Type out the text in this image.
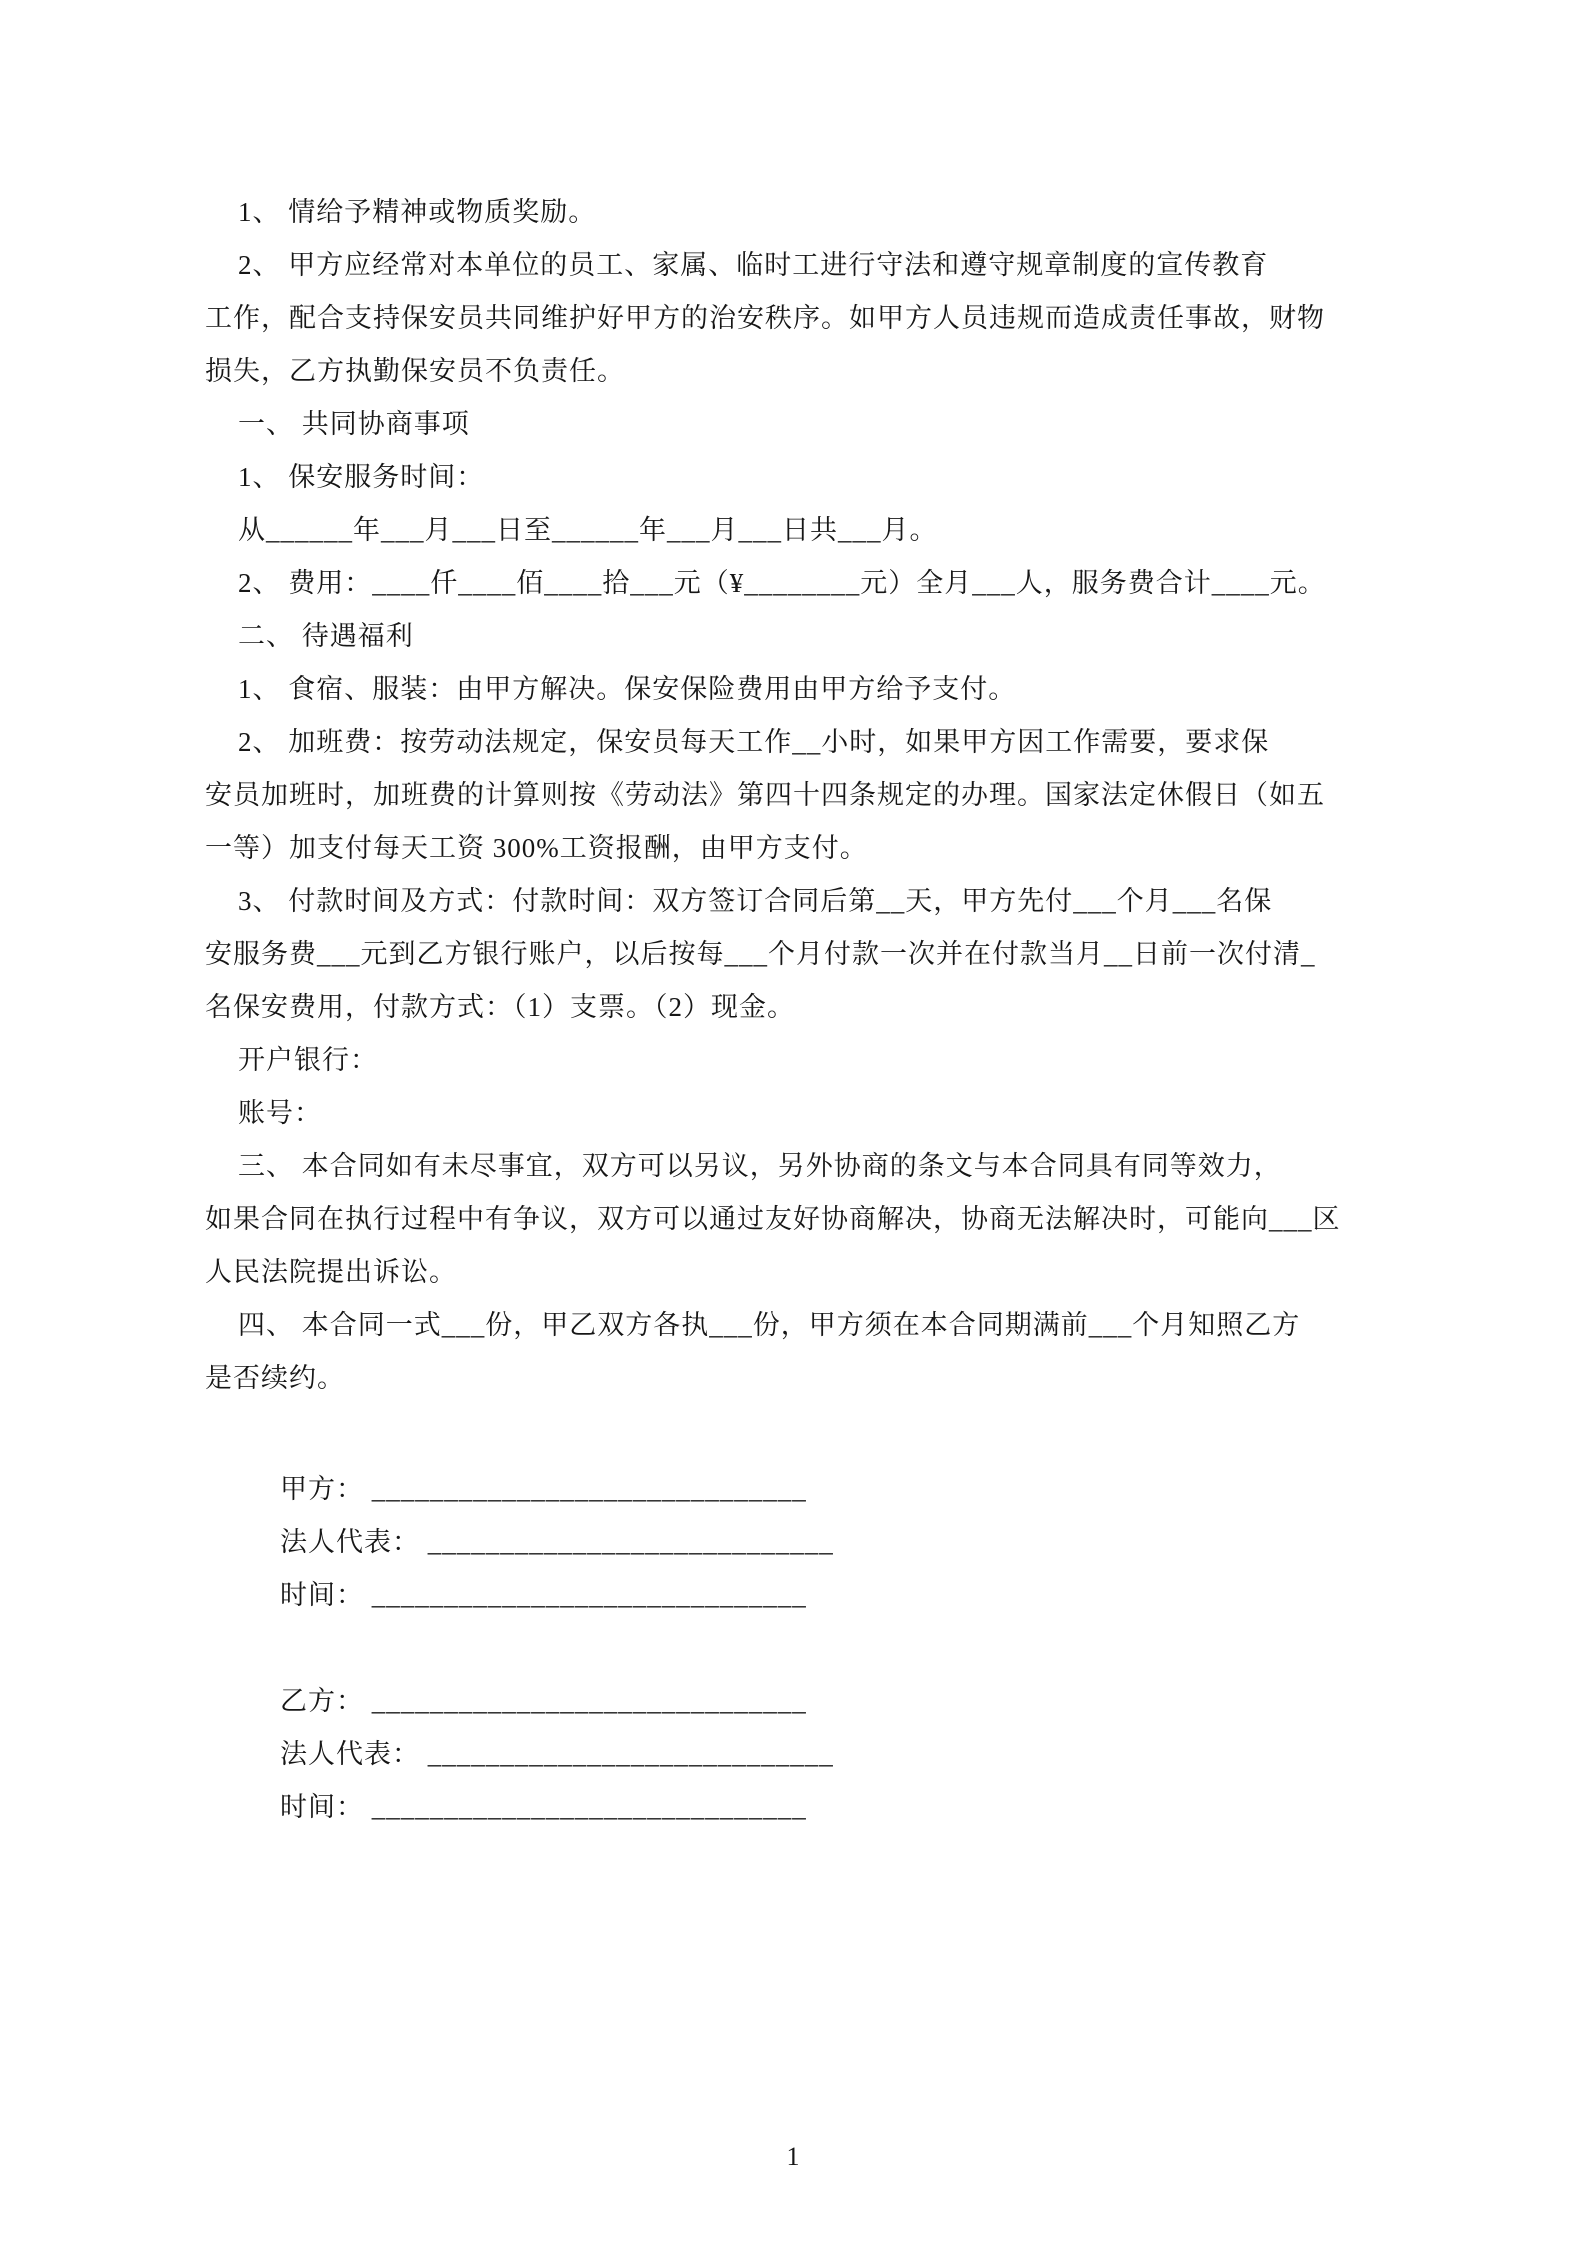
1、 情给予精神或物质奖励。

2、 甲方应经常对本单位的员工、家属、临时工进行守法和遵守规章制度的宣传教育

工作，配合支持保安员共同维护好甲方的治安秩序。如甲方人员违规而造成责任事故，财物

损失，乙方执勤保安员不负责任。

一、 共同协商事项

1、 保安服务时间：

从______年___月___日至______年___月___日共___月。

2、 费用：____仟____佰____拾___元（¥________元）全月___人，服务费合计____元。

二、 待遇福利

1、 食宿、服装：由甲方解决。保安保险费用由甲方给予支付。

2、 加班费：按劳动法规定，保安员每天工作__小时，如果甲方因工作需要，要求保

安员加班时，加班费的计算则按《劳动法》第四十四条规定的办理。国家法定休假日（如五

一等）加支付每天工资 300%工资报酬，由甲方支付。

3、 付款时间及方式：付款时间：双方签订合同后第__天，甲方先付___个月___名保

安服务费___元到乙方银行账户，以后按每___个月付款一次并在付款当月__日前一次付清_

名保安费用，付款方式：（1）支票。（2）现金。

开户银行：

账号：

三、 本合同如有未尽事宜，双方可以另议，另外协商的条文与本合同具有同等效力，

如果合同在执行过程中有争议，双方可以通过友好协商解决，协商无法解决时，可能向___区

人民法院提出诉讼。

四、 本合同一式___份，甲乙双方各执___份，甲方须在本合同期满前___个月知照乙方

是否续约。

甲方： ______________________________

法人代表： ____________________________

时间： ______________________________

乙方： ______________________________

法人代表： ____________________________

时间： ______________________________

1
